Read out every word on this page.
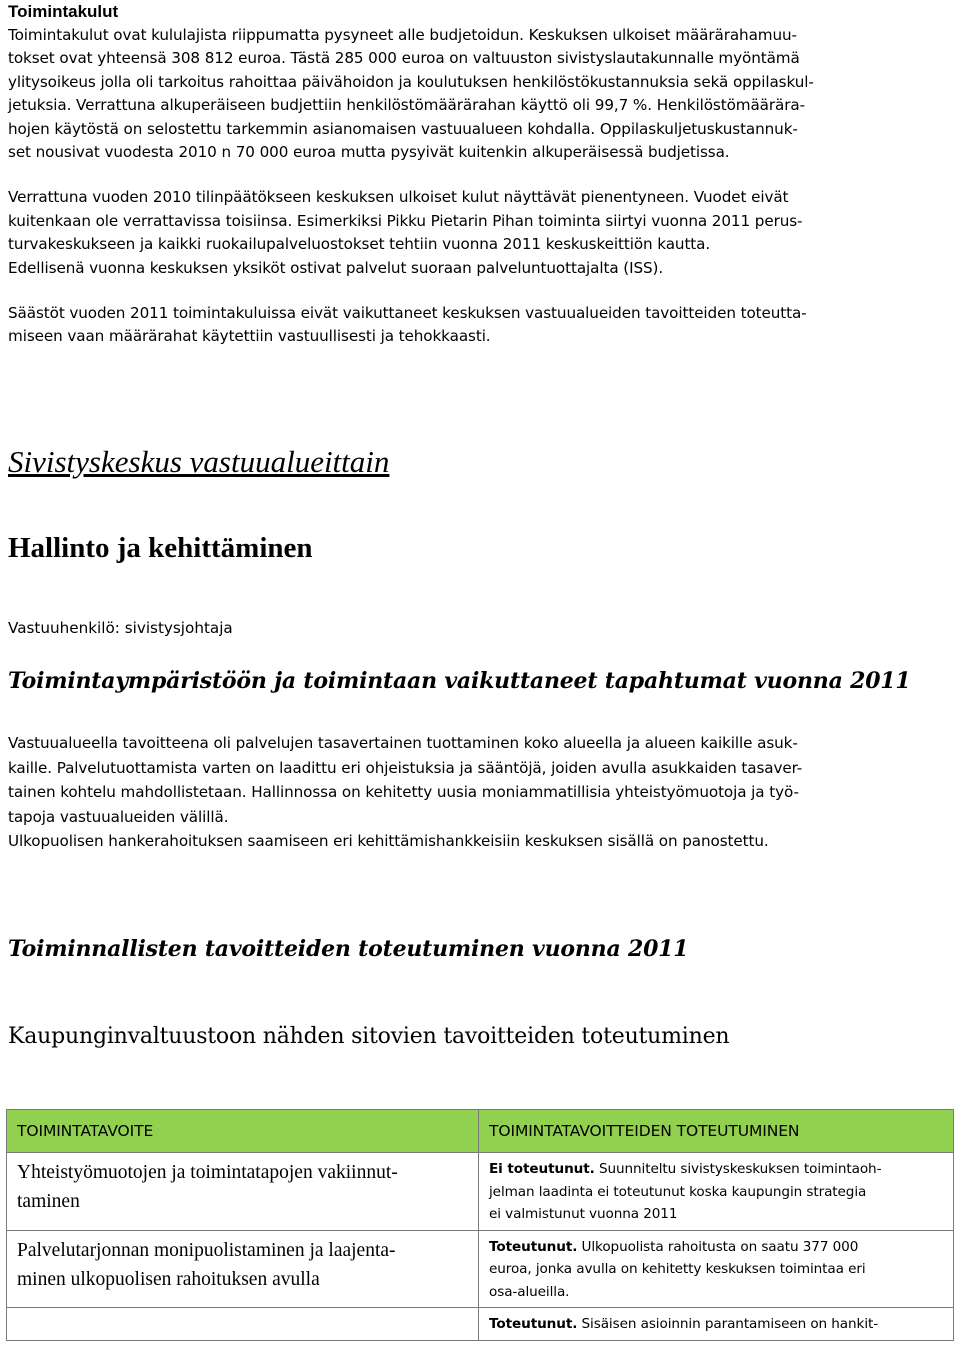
Toimintakulut

Toimintakulut ovat kululajista riippumatta pysyneet alle budjetoidun. Keskuksen ulkoiset määrärahamuu-

tokset ovat yhteensä 308 812 euroa. Tästä 285 000 euroa on valtuuston sivistyslautakunnalle myöntämä

ylitysoikeus jolla oli tarkoitus rahoittaa päivähoidon ja koulutuksen henkilöstökustannuksia sekä oppilaskul-

jetuksia. Verrattuna alkuperäiseen budjettiin henkilöstömäärärahan käyttö oli 99,7 %. Henkilöstömäärära-

hojen käytöstä on selostettu tarkemmin asianomaisen vastuualueen kohdalla. Oppilaskuljetuskustannuk-

set nousivat vuodesta 2010 n 70 000 euroa mutta pysyivät kuitenkin alkuperäisessä budjetissa.

Verrattuna vuoden 2010 tilinpäätökseen keskuksen ulkoiset kulut näyttävät pienentyneen. Vuodet eivät

kuitenkaan ole verrattavissa toisiinsa. Esimerkiksi Pikku Pietarin Pihan toiminta siirtyi vuonna 2011 perus-

turvakeskukseen ja kaikki ruokailupalveluostokset tehtiin vuonna 2011 keskuskeittiön kautta.

Edellisenä vuonna keskuksen yksiköt ostivat palvelut suoraan palveluntuottajalta (ISS).

Säästöt vuoden 2011 toimintakuluissa eivät vaikuttaneet keskuksen vastuualueiden tavoitteiden toteutta-

miseen vaan määrärahat käytettiin vastuullisesti ja tehokkaasti.

Sivistyskeskus vastuualueittain

Hallinto ja kehittäminen

Vastuuhenkilö: sivistysjohtaja

Toimintaympäristöön ja toimintaan vaikuttaneet tapahtumat vuonna 2011

Vastuualueella tavoitteena oli palvelujen tasavertainen tuottaminen koko alueella ja alueen kaikille asuk-

kaille. Palvelutuottamista varten on laadittu eri ohjeistuksia ja sääntöjä, joiden avulla asukkaiden tasaver-

tainen kohtelu mahdollistetaan. Hallinnossa on kehitetty uusia moniammatillisia yhteistyömuotoja ja työ-

tapoja vastuualueiden välillä.

Ulkopuolisen hankerahoituksen saamiseen eri kehittämishankkeisiin keskuksen sisällä on panostettu.

Toiminnallisten tavoitteiden toteutuminen vuonna 2011

Kaupunginvaltuustoon nähden sitovien tavoitteiden toteutuminen

TOIMINTATAVOITE	TOIMINTATAVOITTEIDEN TOTEUTUMINEN

Yhteistyömuotojen ja toimintatapojen vakiinnut-
taminen	Ei toteutunut. Suunniteltu sivistyskeskuksen toimintaoh-
jelman laadinta ei toteutunut koska kaupungin strategia
ei valmistunut vuonna 2011

Palvelutarjonnan monipuolistaminen ja laajenta-
minen ulkopuolisen rahoituksen avulla	Toteutunut. Ulkopuolista rahoitusta on saatu 377 000
euroa, jonka avulla on kehitetty keskuksen toimintaa eri
osa-alueilla.

	Toteutunut. Sisäisen asioinnin parantamiseen on hankit-
